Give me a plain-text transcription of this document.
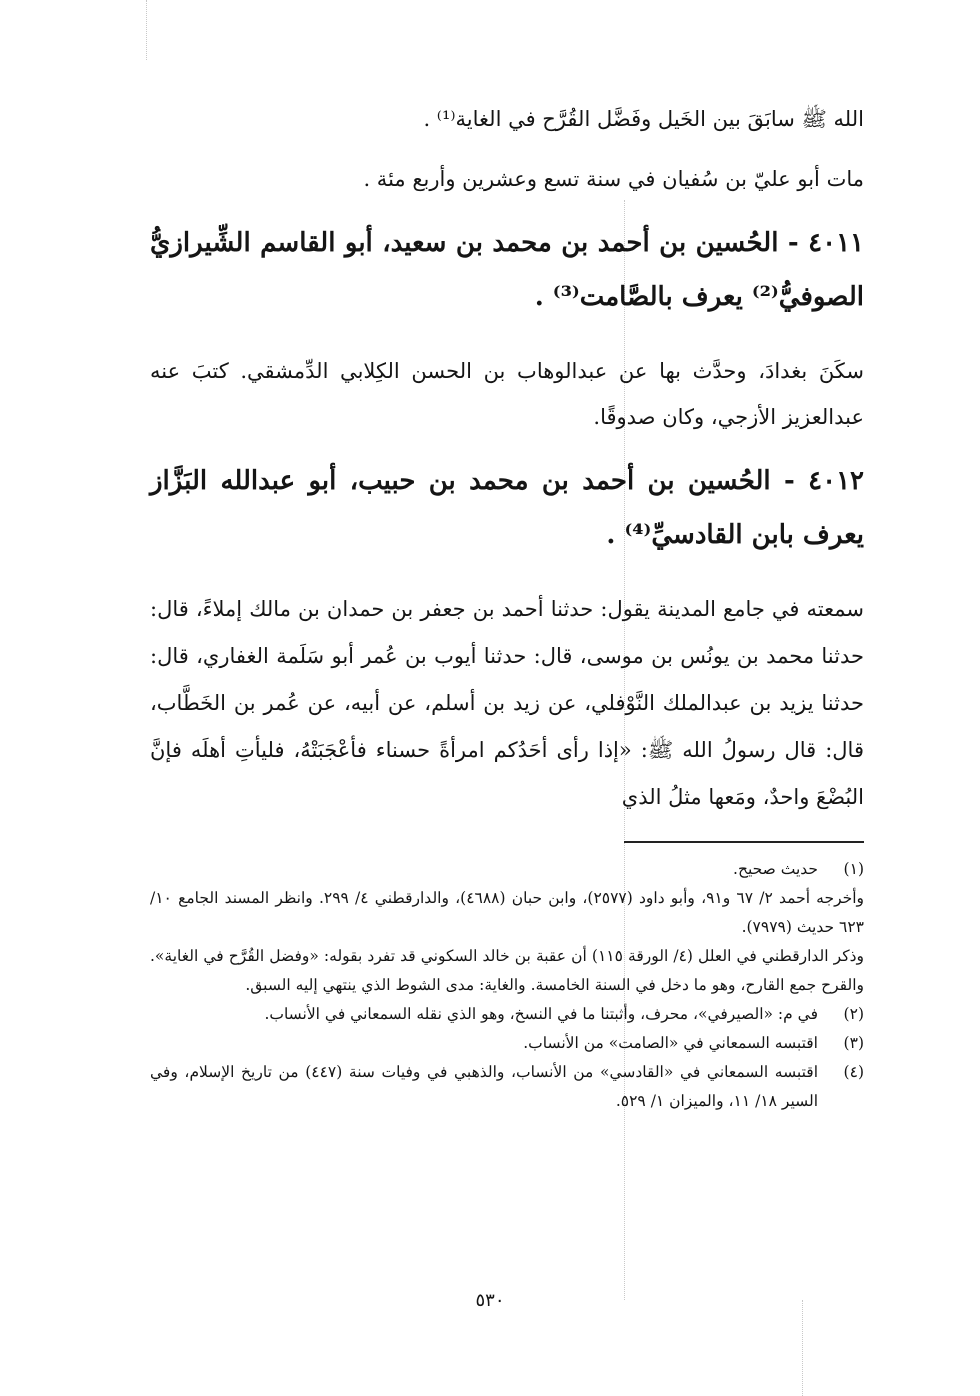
الله ﷺ سابَقَ بين الخَيل وفَضَّل القُرَّح في الغاية⁽¹⁾ .
مات أبو عليّ بن سُفيان في سنة تسع وعشرين وأربع مئة .
٤٠١١ - الحُسين بن أحمد بن محمد بن سعيد، أبو القاسم الشِّيرازيُّ الصوفيُّ⁽²⁾ يعرف بالصَّامت⁽³⁾ .
سكَنَ بغدادَ، وحدَّث بها عن عبدالوهاب بن الحسن الكِلابي الدِّمشقي. كتبَ عنه عبدالعزيز الأزجي، وكان صدوقًا.
٤٠١٢ - الحُسين بن أحمد بن محمد بن حبيب، أبو عبدالله البَزَّاز يعرف بابن القادسيِّ⁽⁴⁾ .
سمعته في جامع المدينة يقول: حدثنا أحمد بن جعفر بن حمدان بن مالك إملاءً، قال: حدثنا محمد بن يونُس بن موسى، قال: حدثنا أيوب بن عُمر أبو سَلَمة الغفاري، قال: حدثنا يزيد بن عبدالملك النَّوْفلي، عن زيد بن أسلم، عن أبيه، عن عُمر بن الخَطَّاب، قال: قال رسولُ الله ﷺ: «إذا رأى أحَدُكم امرأةً حسناء فأعْجَبَتْهُ، فليأتِ أهلَه فإنَّ البُضْعَ واحدٌ، ومَعها مثلُ الذي
(١)
حديث صحيح.
وأخرجه أحمد ٢/ ٦٧ و٩١، وأبو داود (٢٥٧٧)، وابن حبان (٤٦٨٨)، والدارقطني ٤/ ٢٩٩. وانظر المسند الجامع ١٠/ ٦٢٣ حديث (٧٩٧٩).
وذكر الدارقطني في العلل (٤/ الورقة ١١٥) أن عقبة بن خالد السكوني قد تفرد بقوله: «وفضل القُرَّح في الغاية». والقرح جمع القارح، وهو ما دخل في السنة الخامسة. والغاية: مدى الشوط الذي ينتهي إليه السبق.
(٢)
في م: «الصيرفي»، محرف، وأثبتنا ما في النسخ، وهو الذي نقله السمعاني في الأنساب.
(٣)
اقتبسه السمعاني في «الصامت» من الأنساب.
(٤)
اقتبسه السمعاني في «القادسي» من الأنساب، والذهبي في وفيات سنة (٤٤٧) من تاريخ الإسلام، وفي السير ١٨/ ١١، والميزان ١/ ٥٢٩.
٥٣٠
